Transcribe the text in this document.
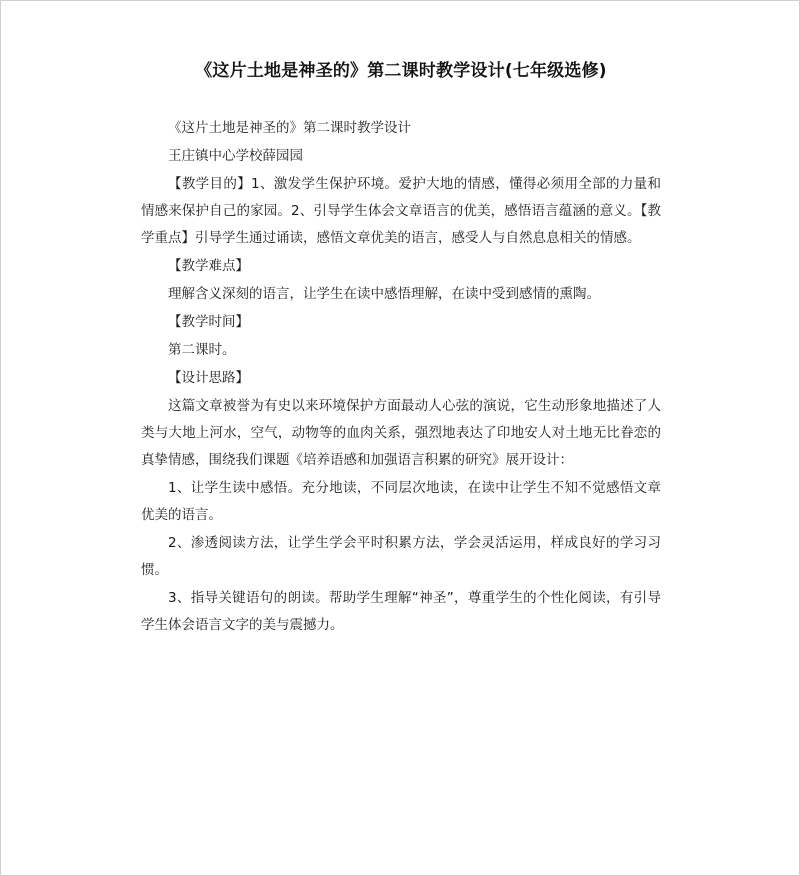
《这片土地是神圣的》第二课时教学设计(七年级选修)

《这片土地是神圣的》第二课时教学设计

王庄镇中心学校薛园园

【教学目的】1、激发学生保护环境。爱护大地的情感，懂得必须用全部的力量和情感来保护自己的家园。2、引导学生体会文章语言的优美，感悟语言蕴涵的意义。【教学重点】引导学生通过诵读，感悟文章优美的语言，感受人与自然息息相关的情感。

【教学难点】

理解含义深刻的语言，让学生在读中感悟理解，在读中受到感情的熏陶。

【教学时间】

第二课时。

【设计思路】

这篇文章被誉为有史以来环境保护方面最动人心弦的演说，它生动形象地描述了人类与大地上河水，空气，动物等的血肉关系，强烈地表达了印地安人对土地无比眷恋的真挚情感，围绕我们课题《培养语感和加强语言积累的研究》展开设计：

1、让学生读中感悟。充分地读，不同层次地读，在读中让学生不知不觉感悟文章优美的语言。

2、渗透阅读方法，让学生学会平时积累方法，学会灵活运用，样成良好的学习习惯。

3、指导关键语句的朗读。帮助学生理解“神圣”，尊重学生的个性化阅读，有引导学生体会语言文字的美与震撼力。
